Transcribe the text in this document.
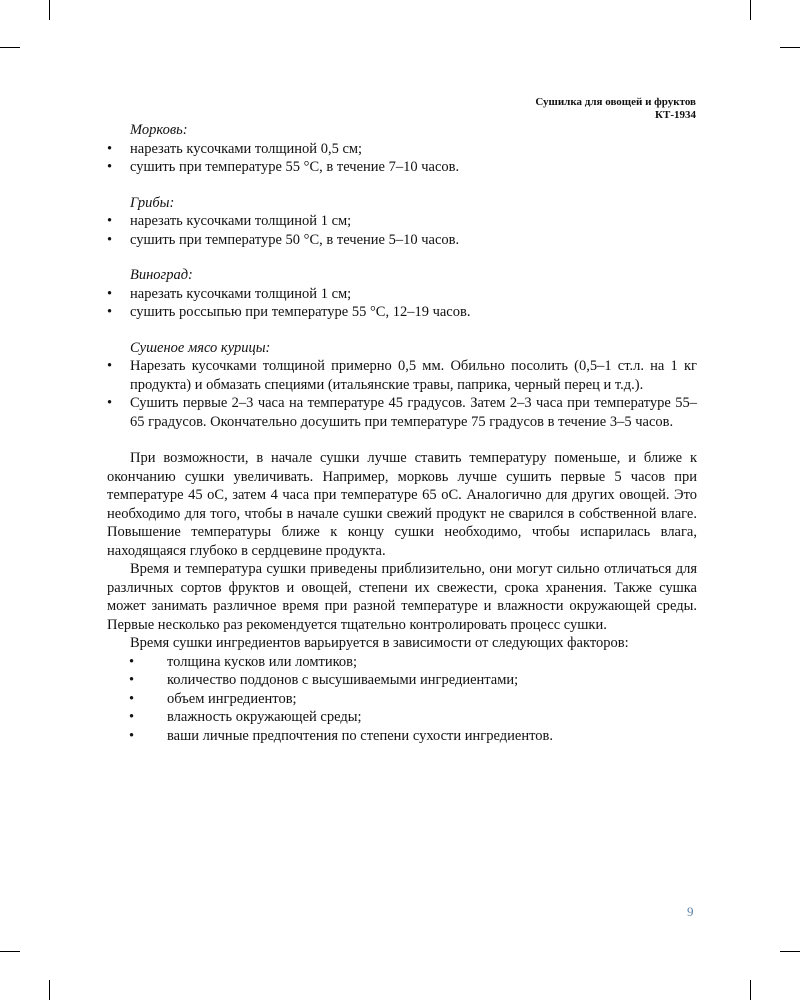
Сушилка для овощей и фруктов
КТ-1934

Морковь:

• нарезать кусочками толщиной 0,5 см;

• сушить при температуре 55 °С, в течение 7–10 часов.

Грибы:

• нарезать кусочками толщиной 1 см;

• сушить при температуре 50 °С, в течение 5–10 часов.

Виноград:

• нарезать кусочками толщиной 1 см;

• сушить россыпью при температуре 55 °С, 12–19 часов.

Сушеное мясо курицы:

• Нарезать кусочками толщиной примерно 0,5 мм. Обильно посолить (0,5–1 ст.л. на 1 кг продукта) и обмазать специями (итальянские травы, паприка, черный перец и т.д.).

• Сушить первые 2–3 часа на температуре 45 градусов. Затем 2–3 часа при температуре 55–65 градусов. Окончательно досушить при температуре 75 градусов в течение 3–5 часов.

При возможности, в начале сушки лучше ставить температуру поменьше, и ближе к окончанию сушки увеличивать. Например, морковь лучше сушить первые 5 часов при температуре 45 оС, затем 4 часа при температуре 65 оС. Аналогично для других овощей. Это необходимо для того, чтобы в начале сушки свежий продукт не сварился в собственной влаге. Повышение температуры ближе к концу сушки необходимо, чтобы испарилась влага, находящаяся глубоко в сердцевине продукта.

Время и температура сушки приведены приблизительно, они могут сильно отличаться для различных сортов фруктов и овощей, степени их свежести, срока хранения. Также сушка может занимать различное время при разной температуре и влажности окружающей среды. Первые несколько раз рекомендуется тщательно контролировать процесс сушки.

Время сушки ингредиентов варьируется в зависимости от следующих факторов:

• толщина кусков или ломтиков;

• количество поддонов с высушиваемыми ингредиентами;

• объем ингредиентов;

• влажность окружающей среды;

• ваши личные предпочтения по степени сухости ингредиентов.

9
